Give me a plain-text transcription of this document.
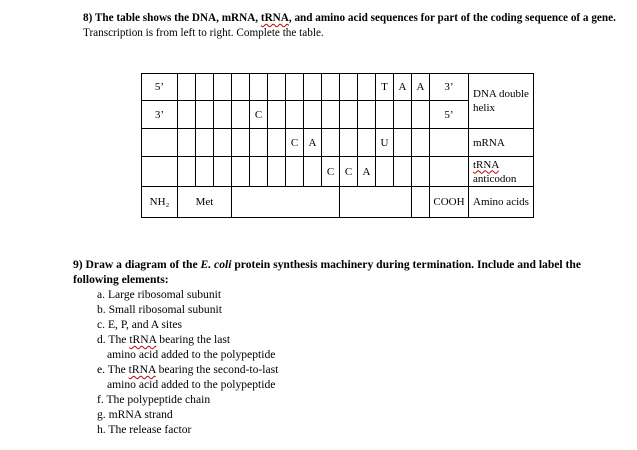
8) The table shows the DNA, mRNA, tRNA, and amino acid sequences for part of the coding sequence of a gene. Transcription is from left to right. Complete the table.
5’												T	A	A	3’	DNA double helix
3’					C										5’	
							C	A				U				mRNA
									C	C	A					tRNA anticodon
NH₂	Met														COOH	Amino acids
9) Draw a diagram of the E. coli protein synthesis machinery during termination. Include and label the following elements:
a. Large ribosomal subunit
b. Small ribosomal subunit
c. E, P, and A sites
d. The tRNA bearing the last
amino acid added to the polypeptide
e. The tRNA bearing the second-to-last
amino acid added to the polypeptide
f. The polypeptide chain
g. mRNA strand
h. The release factor
